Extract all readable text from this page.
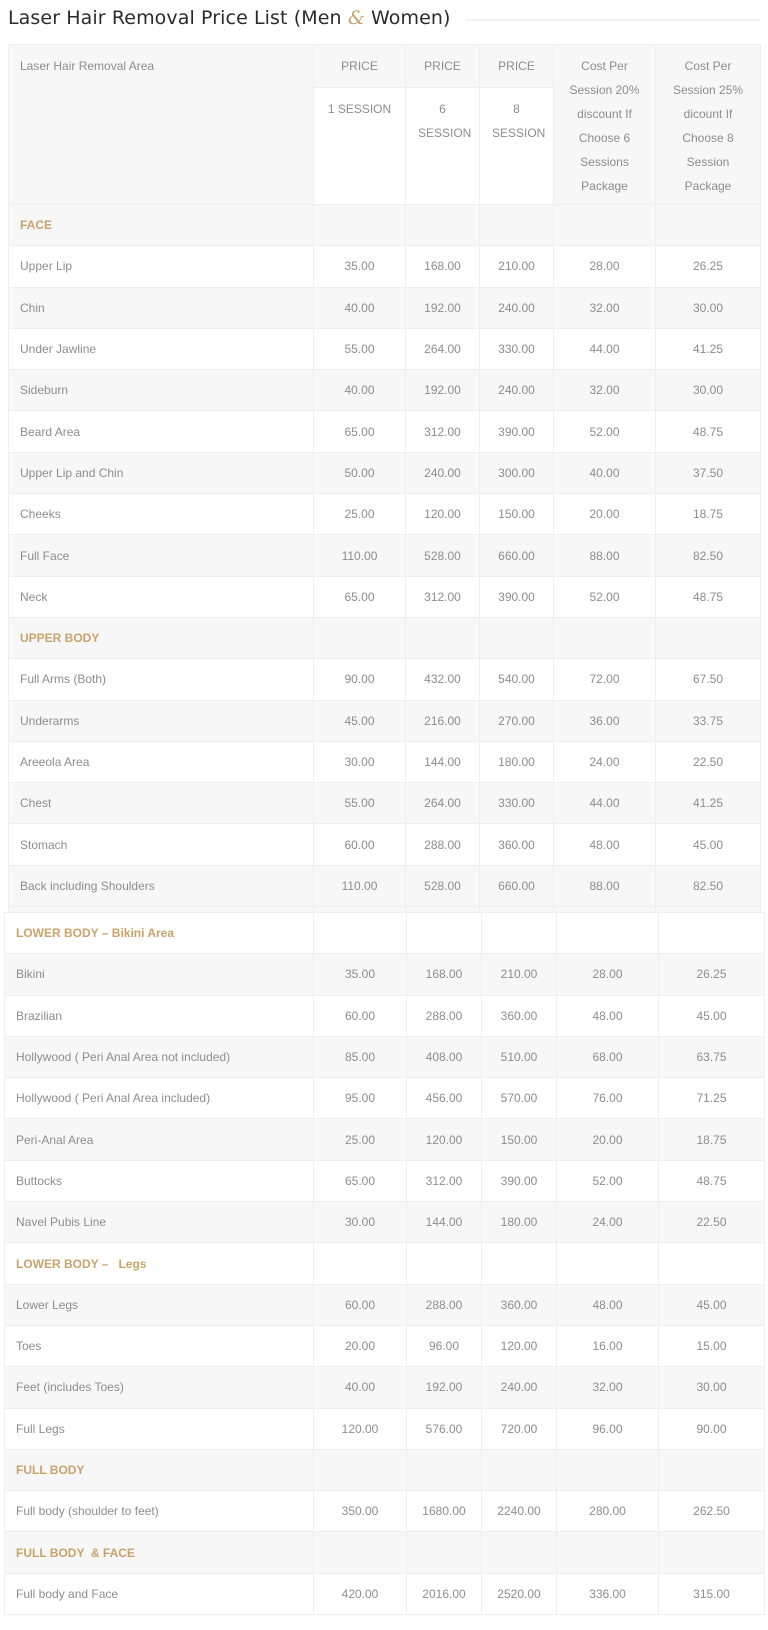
Laser Hair Removal Price List (Men & Women)
Laser Hair Removal Area	PRICE	PRICE	PRICE	Cost Per Session 20% discount If Choose 6 Sessions Package	Cost Per Session 25% dicount If Choose 8 Session Package
	1 SESSION	6 SESSION	8 SESSION		
FACE					
Upper Lip	35.00	168.00	210.00	28.00	26.25
Chin	40.00	192.00	240.00	32.00	30.00
Under Jawline	55.00	264.00	330.00	44.00	41.25
Sideburn	40.00	192.00	240.00	32.00	30.00
Beard Area	65.00	312.00	390.00	52.00	48.75
Upper Lip and Chin	50.00	240.00	300.00	40.00	37.50
Cheeks	25.00	120.00	150.00	20.00	18.75
Full Face	110.00	528.00	660.00	88.00	82.50
Neck	65.00	312.00	390.00	52.00	48.75
UPPER BODY					
Full Arms (Both)	90.00	432.00	540.00	72.00	67.50
Underarms	45.00	216.00	270.00	36.00	33.75
Areeola Area	30.00	144.00	180.00	24.00	22.50
Chest	55.00	264.00	330.00	44.00	41.25
Stomach	60.00	288.00	360.00	48.00	45.00
Back including Shoulders	110.00	528.00	660.00	88.00	82.50

LOWER BODY – Bikini Area					
Bikini	35.00	168.00	210.00	28.00	26.25
Brazilian	60.00	288.00	360.00	48.00	45.00
Hollywood ( Peri Anal Area not included)	85.00	408.00	510.00	68.00	63.75
Hollywood ( Peri Anal Area included)	95.00	456.00	570.00	76.00	71.25
Peri-Anal Area	25.00	120.00	150.00	20.00	18.75
Buttocks	65.00	312.00	390.00	52.00	48.75
Navel Pubis Line	30.00	144.00	180.00	24.00	22.50
LOWER BODY –   Legs					
Lower Legs	60.00	288.00	360.00	48.00	45.00
Toes	20.00	96.00	120.00	16.00	15.00
Feet (includes Toes)	40.00	192.00	240.00	32.00	30.00
Full Legs	120.00	576.00	720.00	96.00	90.00
FULL BODY					
Full body (shoulder to feet)	350.00	1680.00	2240.00	280.00	262.50
FULL BODY  & FACE					
Full body and Face	420.00	2016.00	2520.00	336.00	315.00
